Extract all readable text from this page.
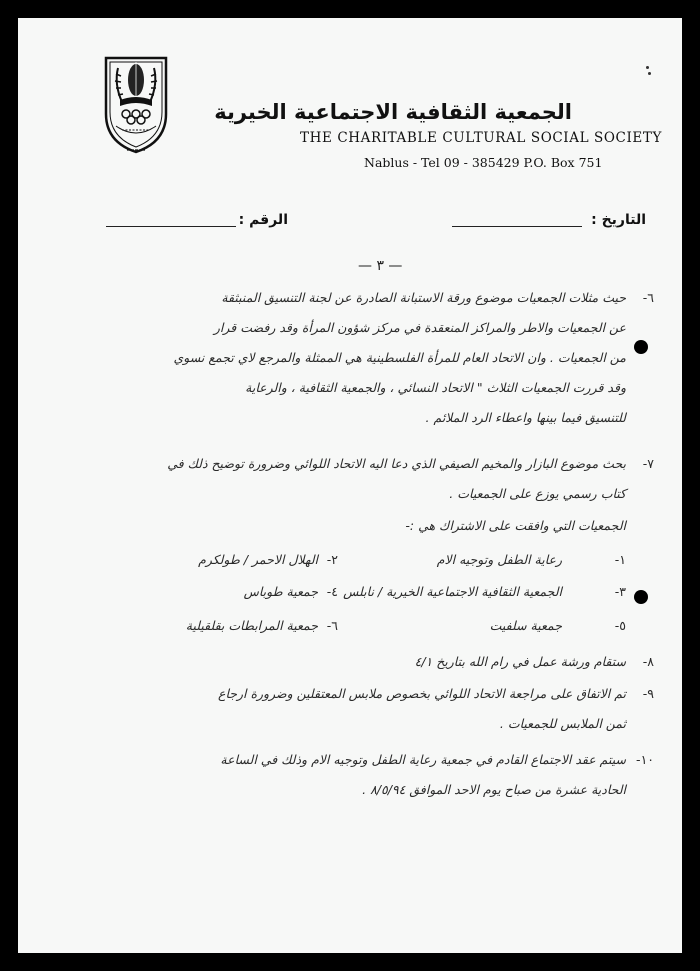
الجمعية الثقافية الاجتماعية الخيرية
THE CHARITABLE CULTURAL SOCIAL SOCIETY
Nablus - Tel 09 - 385429 P.O. Box 751
التاريخ :
الرقم :
— ٣ —
٦-
حيث مثلات الجمعيات موضوع ورقة الاستبانة الصادرة عن لجنة التنسيق المنبثقة
عن الجمعيات والاطر والمراكز المنعقدة في مركز شؤون المرأة وقد رفضت قرار
من الجمعيات . وان الاتحاد العام للمرأة الفلسطينية هي الممثلة والمرجع لاي تجمع نسوي
وقد قررت الجمعيات الثلاث " الاتحاد النسائي ، والجمعية الثقافية ، والرعاية
للتنسيق فيما بينها واعطاء الرد الملائم .
٧-
بحث موضوع البازار والمخيم الصيفي الذي دعا اليه الاتحاد اللوائي وضرورة توضيح ذلك في
كتاب رسمي يوزع على الجمعيات .
الجمعيات التي وافقت على الاشتراك هي :-
١-
رعاية الطفل وتوجيه الام
٢-
الهلال الاحمر / طولكرم
٣-
الجمعية الثقافية الاجتماعية الخيرية / نابلس
٤-
جمعية طوباس
٥-
جمعية سلفيت
٦-
جمعية المرابطات بقلقيلية
٨-
ستقام ورشة عمل في رام الله بتاريخ ٤/١
٩-
تم الاتفاق على مراجعة الاتحاد اللوائي بخصوص ملابس المعتقلين وضرورة ارجاع
ثمن الملابس للجمعيات .
١٠-
سيتم عقد الاجتماع القادم في جمعية رعاية الطفل وتوجيه الام وذلك في الساعة
الحادية عشرة من صباح يوم الاحد الموافق ٨/٥/٩٤ .
